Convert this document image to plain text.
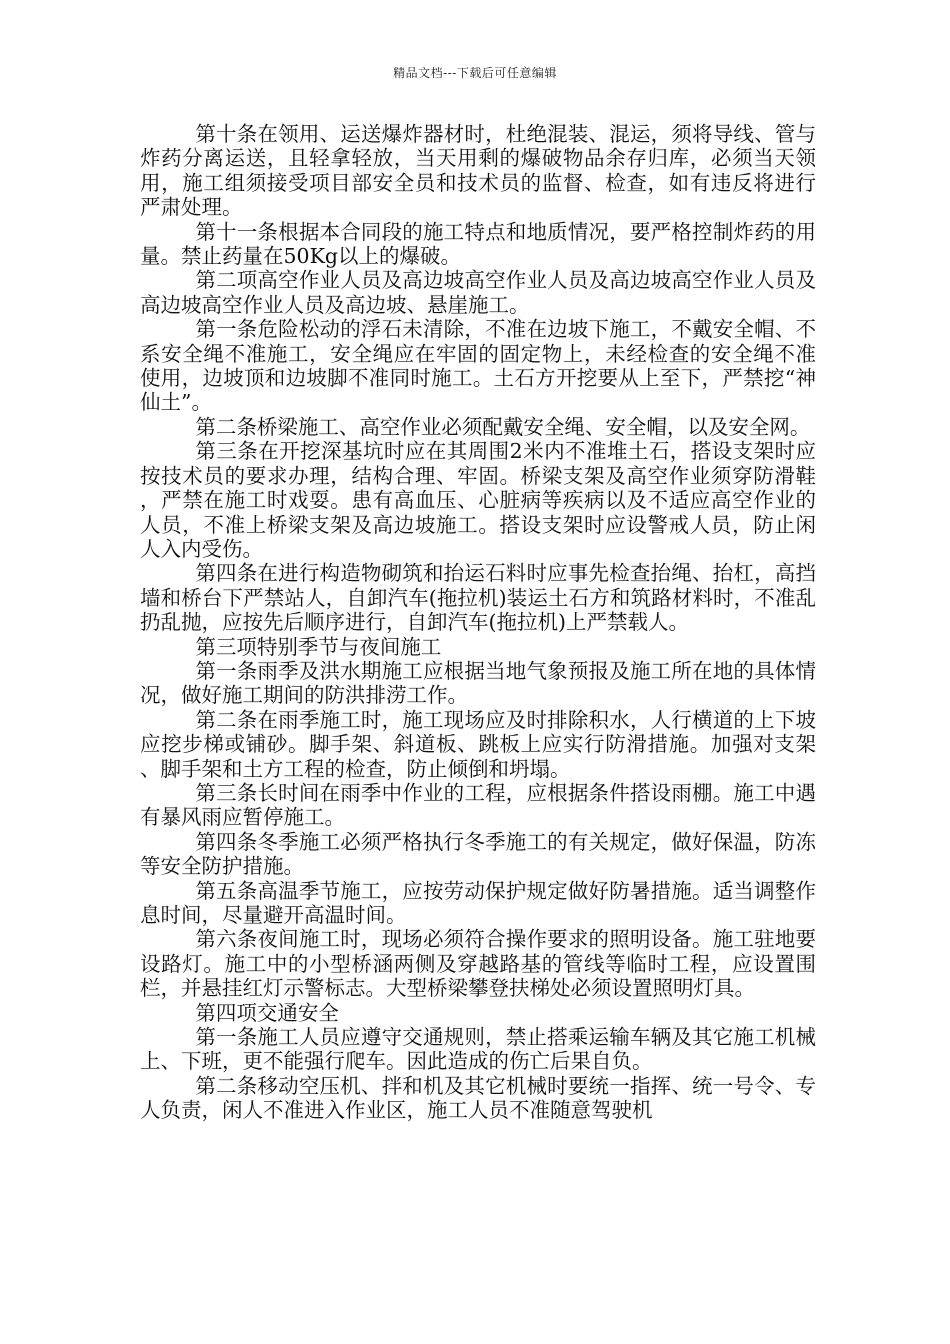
精品文档---下载后可任意编辑

第十条在领用、运送爆炸器材时，杜绝混装、混运，须将导线、管与炸药分离运送，且轻拿轻放，当天用剩的爆破物品余存归库，必须当天领用，施工组须接受项目部安全员和技术员的监督、检查，如有违反将进行严肃处理。

第十一条根据本合同段的施工特点和地质情况，要严格控制炸药的用量。禁止药量在50Kg以上的爆破。

第二项高空作业人员及高边坡高空作业人员及高边坡高空作业人员及高边坡高空作业人员及高边坡、悬崖施工。

第一条危险松动的浮石未清除，不准在边坡下施工，不戴安全帽、不系安全绳不准施工，安全绳应在牢固的固定物上，未经检查的安全绳不准使用，边坡顶和边坡脚不准同时施工。土石方开挖要从上至下，严禁挖“神仙土”。

第二条桥梁施工、高空作业必须配戴安全绳、安全帽，以及安全网。

第三条在开挖深基坑时应在其周围2米内不准堆土石，搭设支架时应按技术员的要求办理，结构合理、牢固。桥梁支架及高空作业须穿防滑鞋，严禁在施工时戏耍。患有高血压、心脏病等疾病以及不适应高空作业的人员，不准上桥梁支架及高边坡施工。搭设支架时应设警戒人员，防止闲人入内受伤。

第四条在进行构造物砌筑和抬运石料时应事先检查抬绳、抬杠，高挡墙和桥台下严禁站人，自卸汽车(拖拉机)装运土石方和筑路材料时，不准乱扔乱抛，应按先后顺序进行，自卸汽车(拖拉机)上严禁载人。

第三项特别季节与夜间施工

第一条雨季及洪水期施工应根据当地气象预报及施工所在地的具体情况，做好施工期间的防洪排涝工作。

第二条在雨季施工时，施工现场应及时排除积水，人行横道的上下坡应挖步梯或铺砂。脚手架、斜道板、跳板上应实行防滑措施。加强对支架、脚手架和土方工程的检查，防止倾倒和坍塌。

第三条长时间在雨季中作业的工程，应根据条件搭设雨棚。施工中遇有暴风雨应暂停施工。

第四条冬季施工必须严格执行冬季施工的有关规定，做好保温，防冻等安全防护措施。

第五条高温季节施工，应按劳动保护规定做好防暑措施。适当调整作息时间，尽量避开高温时间。

第六条夜间施工时，现场必须符合操作要求的照明设备。施工驻地要设路灯。施工中的小型桥涵两侧及穿越路基的管线等临时工程，应设置围栏，并悬挂红灯示警标志。大型桥梁攀登扶梯处必须设置照明灯具。

第四项交通安全

第一条施工人员应遵守交通规则，禁止搭乘运输车辆及其它施工机械上、下班，更不能强行爬车。因此造成的伤亡后果自负。

第二条移动空压机、拌和机及其它机械时要统一指挥、统一号令、专人负责，闲人不准进入作业区，施工人员不准随意驾驶机
